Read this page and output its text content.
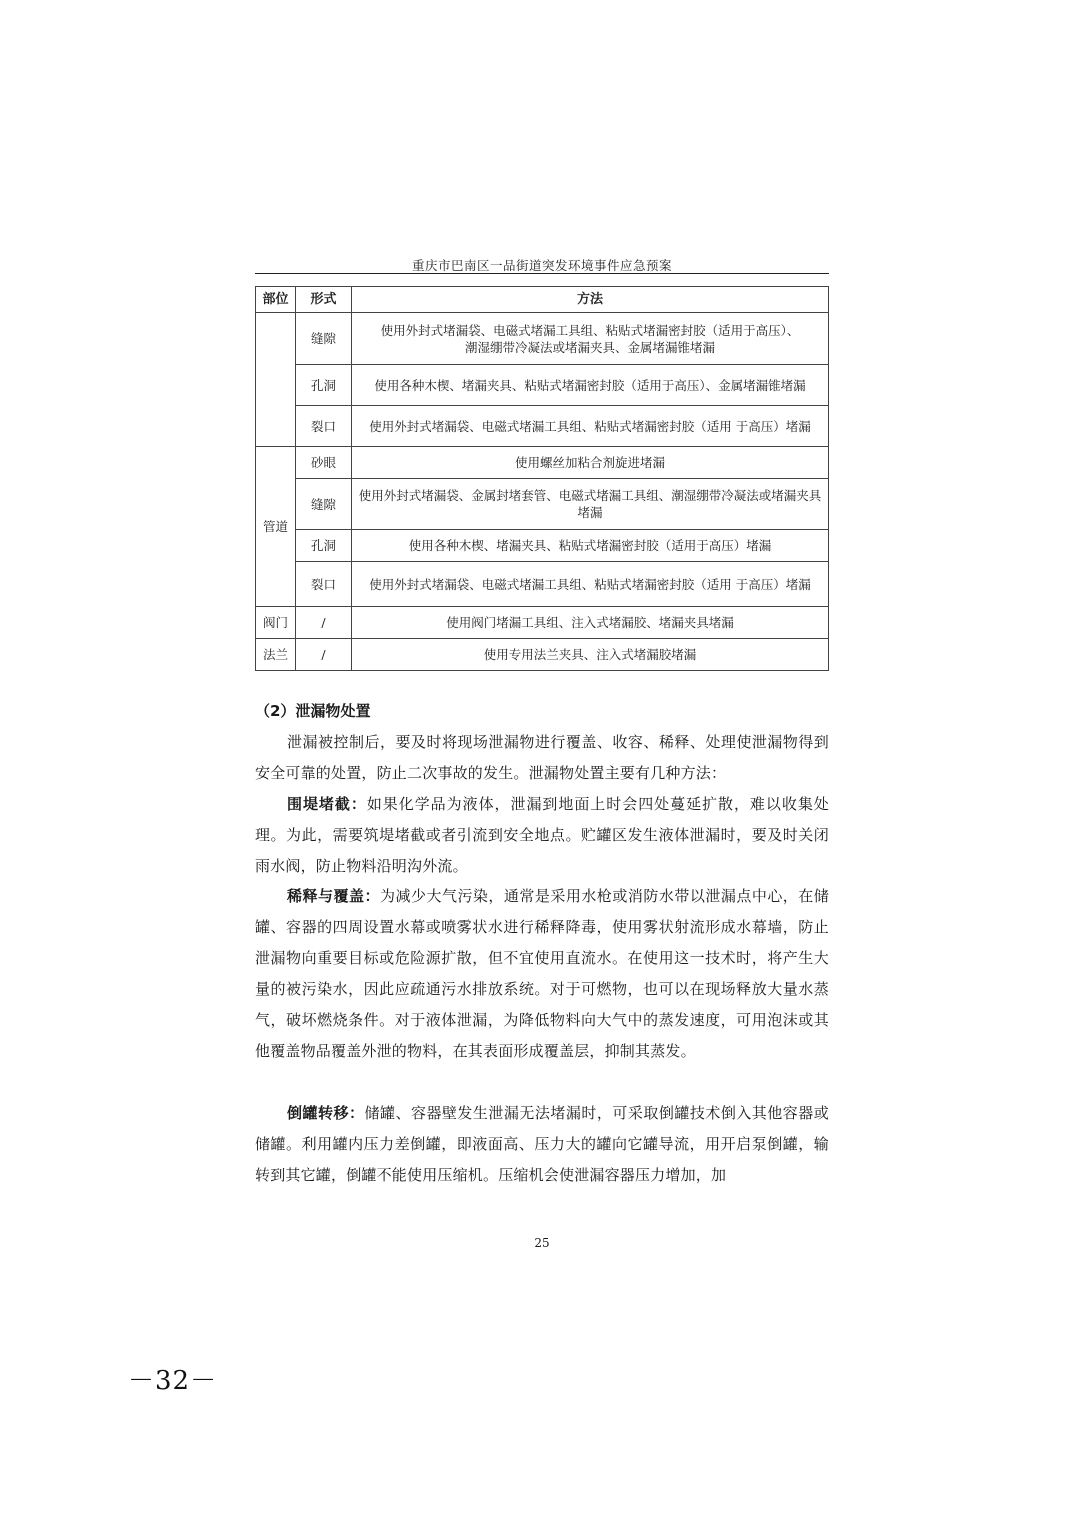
重庆市巴南区一品街道突发环境事件应急预案
部位	形式	方法
	缝隙	使用外封式堵漏袋、电磁式堵漏工具组、粘贴式堵漏密封胶（适用于高压）、潮湿绷带冷凝法或堵漏夹具、金属堵漏锥堵漏
	孔洞	使用各种木楔、堵漏夹具、粘贴式堵漏密封胶（适用于高压）、金属堵漏锥堵漏
	裂口	使用外封式堵漏袋、电磁式堵漏工具组、粘贴式堵漏密封胶（适用 于高压）堵漏
管道	砂眼	使用螺丝加粘合剂旋进堵漏
	缝隙	使用外封式堵漏袋、金属封堵套管、电磁式堵漏工具组、潮湿绷带冷凝法或堵漏夹具堵漏
	孔洞	使用各种木楔、堵漏夹具、粘贴式堵漏密封胶（适用于高压）堵漏
	裂口	使用外封式堵漏袋、电磁式堵漏工具组、粘贴式堵漏密封胶（适用 于高压）堵漏
阀门	/	使用阀门堵漏工具组、注入式堵漏胶、堵漏夹具堵漏
法兰	/	使用专用法兰夹具、注入式堵漏胶堵漏
（2）泄漏物处置

泄漏被控制后，要及时将现场泄漏物进行覆盖、收容、稀释、处理使泄漏物得到安全可靠的处置，防止二次事故的发生。泄漏物处置主要有几种方法：

围堤堵截：如果化学品为液体，泄漏到地面上时会四处蔓延扩散，难以收集处理。为此，需要筑堤堵截或者引流到安全地点。贮罐区发生液体泄漏时，要及时关闭雨水阀，防止物料沿明沟外流。

稀释与覆盖：为减少大气污染，通常是采用水枪或消防水带以泄漏点中心，在储罐、容器的四周设置水幕或喷雾状水进行稀释降毒，使用雾状射流形成水幕墙，防止泄漏物向重要目标或危险源扩散，但不宜使用直流水。在使用这一技术时，将产生大量的被污染水，因此应疏通污水排放系统。对于可燃物，也可以在现场释放大量水蒸气，破坏燃烧条件。对于液体泄漏，为降低物料向大气中的蒸发速度，可用泡沫或其他覆盖物品覆盖外泄的物料，在其表面形成覆盖层，抑制其蒸发。

倒罐转移：储罐、容器壁发生泄漏无法堵漏时，可采取倒罐技术倒入其他容器或储罐。利用罐内压力差倒罐，即液面高、压力大的罐向它罐导流，用开启泵倒罐，输转到其它罐，倒罐不能使用压缩机。压缩机会使泄漏容器压力增加，加

25
－32－
